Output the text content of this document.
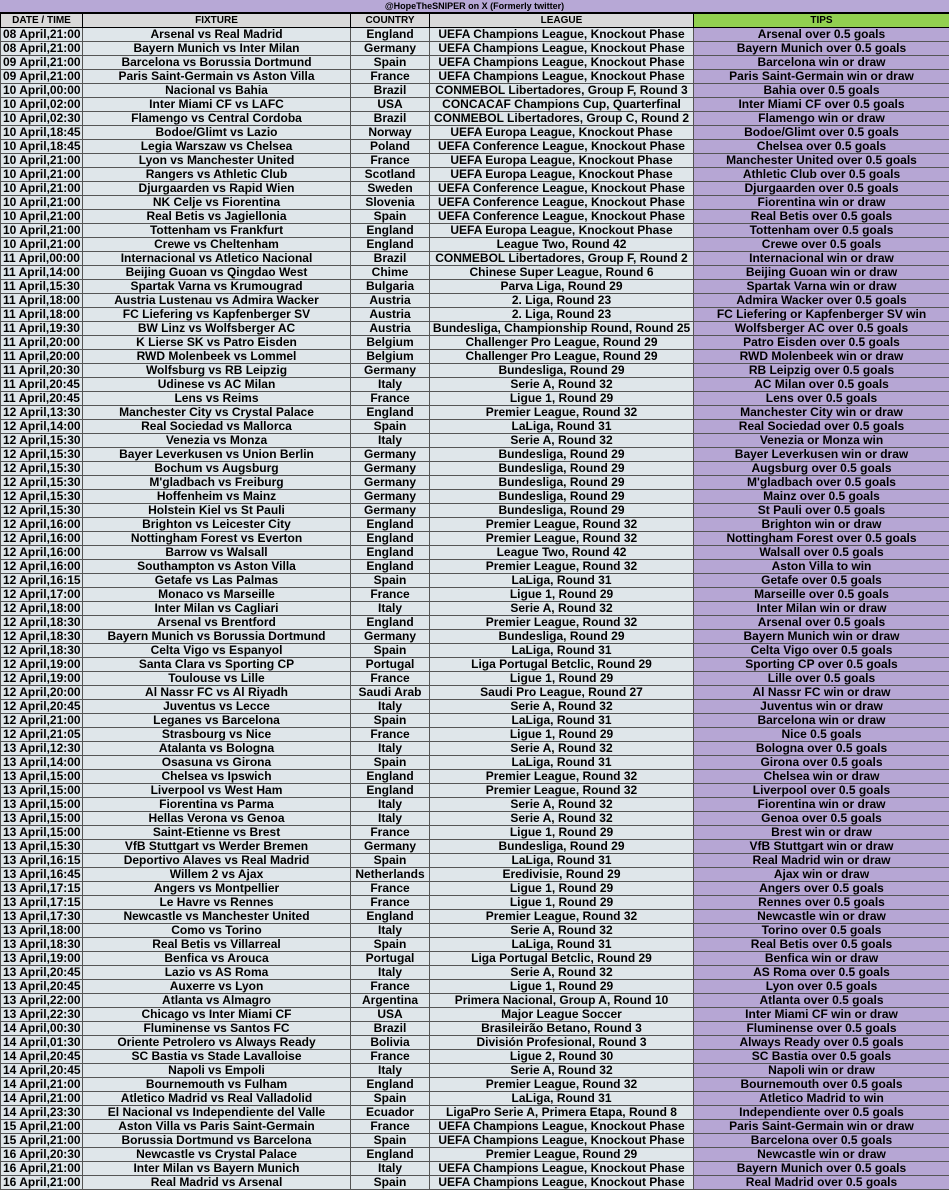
@HopeTheSNIPER on X (Formerly twitter)
DATE / TIME	FIXTURE	COUNTRY	LEAGUE	TIPS
08 April,21:00	Arsenal vs Real Madrid	England	UEFA Champions League, Knockout Phase	Arsenal over 0.5 goals
08 April,21:00	Bayern Munich vs Inter Milan	Germany	UEFA Champions League, Knockout Phase	Bayern Munich over 0.5 goals
09 April,21:00	Barcelona vs Borussia Dortmund	Spain	UEFA Champions League, Knockout Phase	Barcelona win or draw
09 April,21:00	Paris Saint-Germain vs Aston Villa	France	UEFA Champions League, Knockout Phase	Paris Saint-Germain win or draw
10 April,00:00	Nacional vs Bahia	Brazil	CONMEBOL Libertadores, Group F, Round 3	Bahia over 0.5 goals
10 April,02:00	Inter Miami CF vs LAFC	USA	CONCACAF Champions Cup, Quarterfinal	Inter Miami CF over 0.5 goals
10 April,02:30	Flamengo vs Central Cordoba	Brazil	CONMEBOL Libertadores, Group C, Round 2	Flamengo win or draw
10 April,18:45	Bodoe/Glimt vs Lazio	Norway	UEFA Europa League, Knockout Phase	Bodoe/Glimt over 0.5 goals
10 April,18:45	Legia Warszaw vs Chelsea	Poland	UEFA Conference League, Knockout Phase	Chelsea over 0.5 goals
10 April,21:00	Lyon vs Manchester United	France	UEFA Europa League, Knockout Phase	Manchester United over 0.5 goals
10 April,21:00	Rangers vs Athletic Club	Scotland	UEFA Europa League, Knockout Phase	Athletic Club over 0.5 goals
10 April,21:00	Djurgaarden vs Rapid Wien	Sweden	UEFA Conference League, Knockout Phase	Djurgaarden over 0.5 goals
10 April,21:00	NK Celje vs Fiorentina	Slovenia	UEFA Conference League, Knockout Phase	Fiorentina win or draw
10 April,21:00	Real Betis vs Jagiellonia	Spain	UEFA Conference League, Knockout Phase	Real Betis over 0.5 goals
10 April,21:00	Tottenham vs Frankfurt	England	UEFA Europa League, Knockout Phase	Tottenham over 0.5 goals
10 April,21:00	Crewe vs Cheltenham	England	League Two, Round 42	Crewe over 0.5 goals
11 April,00:00	Internacional vs Atletico Nacional	Brazil	CONMEBOL Libertadores, Group F, Round 2	Internacional win or draw
11 April,14:00	Beijing Guoan vs Qingdao West	Chime	Chinese Super League, Round 6	Beijing Guoan win or draw
11 April,15:30	Spartak Varna vs Krumougrad	Bulgaria	Parva Liga, Round 29	Spartak Varna win or draw
11 April,18:00	Austria Lustenau vs Admira Wacker	Austria	2. Liga, Round 23	Admira Wacker over 0.5 goals
11 April,18:00	FC Liefering vs Kapfenberger SV	Austria	2. Liga, Round 23	FC Liefering or Kapfenberger SV win
11 April,19:30	BW Linz vs Wolfsberger AC	Austria	Bundesliga, Championship Round, Round 25	Wolfsberger AC over 0.5 goals
11 April,20:00	K Lierse SK vs Patro Eisden	Belgium	Challenger Pro League, Round 29	Patro Eisden over 0.5 goals
11 April,20:00	RWD Molenbeek vs Lommel	Belgium	Challenger Pro League, Round 29	RWD Molenbeek win or draw
11 April,20:30	Wolfsburg vs RB Leipzig	Germany	Bundesliga, Round 29	RB Leipzig over 0.5 goals
11 April,20:45	Udinese vs AC Milan	Italy	Serie A, Round 32	AC Milan over 0.5 goals
11 April,20:45	Lens vs Reims	France	Ligue 1, Round 29	Lens over 0.5 goals
12 April,13:30	Manchester City vs Crystal Palace	England	Premier League, Round 32	Manchester City win or draw
12 April,14:00	Real Sociedad vs Mallorca	Spain	LaLiga, Round 31	Real Sociedad over 0.5 goals
12 April,15:30	Venezia vs Monza	Italy	Serie A, Round 32	Venezia or Monza win
12 April,15:30	Bayer Leverkusen vs Union Berlin	Germany	Bundesliga, Round 29	Bayer Leverkusen win or draw
12 April,15:30	Bochum vs Augsburg	Germany	Bundesliga, Round 29	Augsburg over 0.5 goals
12 April,15:30	M'gladbach vs Freiburg	Germany	Bundesliga, Round 29	M'gladbach over 0.5 goals
12 April,15:30	Hoffenheim vs Mainz	Germany	Bundesliga, Round 29	Mainz over 0.5 goals
12 April,15:30	Holstein Kiel vs St Pauli	Germany	Bundesliga, Round 29	St Pauli over 0.5 goals
12 April,16:00	Brighton vs Leicester City	England	Premier League, Round 32	Brighton win or draw
12 April,16:00	Nottingham Forest vs Everton	England	Premier League, Round 32	Nottingham Forest over 0.5 goals
12 April,16:00	Barrow vs Walsall	England	League Two, Round 42	Walsall over 0.5 goals
12 April,16:00	Southampton vs Aston Villa	England	Premier League, Round 32	Aston Villa to win
12 April,16:15	Getafe vs Las Palmas	Spain	LaLiga, Round 31	Getafe over 0.5 goals
12 April,17:00	Monaco vs Marseille	France	Ligue 1, Round 29	Marseille over 0.5 goals
12 April,18:00	Inter Milan vs Cagliari	Italy	Serie A, Round 32	Inter Milan win or draw
12 April,18:30	Arsenal vs Brentford	England	Premier League, Round 32	Arsenal over 0.5 goals
12 April,18:30	Bayern Munich vs Borussia Dortmund	Germany	Bundesliga, Round 29	Bayern Munich win or draw
12 April,18:30	Celta Vigo vs Espanyol	Spain	LaLiga, Round 31	Celta Vigo over 0.5 goals
12 April,19:00	Santa Clara vs Sporting CP	Portugal	Liga Portugal Betclic, Round 29	Sporting CP over 0.5 goals
12 April,19:00	Toulouse vs Lille	France	Ligue 1, Round 29	Lille over 0.5 goals
12 April,20:00	Al Nassr FC vs Al Riyadh	Saudi Arab	Saudi Pro League, Round 27	Al Nassr FC win or draw
12 April,20:45	Juventus vs Lecce	Italy	Serie A, Round 32	Juventus win or draw
12 April,21:00	Leganes vs Barcelona	Spain	LaLiga, Round 31	Barcelona win or draw
12 April,21:05	Strasbourg vs Nice	France	Ligue 1, Round 29	Nice 0.5 goals
13 April,12:30	Atalanta vs Bologna	Italy	Serie A, Round 32	Bologna over 0.5 goals
13 April,14:00	Osasuna vs Girona	Spain	LaLiga, Round 31	Girona over 0.5 goals
13 April,15:00	Chelsea vs Ipswich	England	Premier League, Round 32	Chelsea win or draw
13 April,15:00	Liverpool vs West Ham	England	Premier League, Round 32	Liverpool over 0.5 goals
13 April,15:00	Fiorentina vs Parma	Italy	Serie A, Round 32	Fiorentina win or draw
13 April,15:00	Hellas Verona vs Genoa	Italy	Serie A, Round 32	Genoa over 0.5 goals
13 April,15:00	Saint-Etienne vs Brest	France	Ligue 1, Round 29	Brest win or draw
13 April,15:30	VfB Stuttgart vs Werder Bremen	Germany	Bundesliga, Round 29	VfB Stuttgart win or draw
13 April,16:15	Deportivo Alaves vs Real Madrid	Spain	LaLiga, Round 31	Real Madrid win or draw
13 April,16:45	Willem 2 vs Ajax	Netherlands	Eredivisie, Round 29	Ajax win or draw
13 April,17:15	Angers vs Montpellier	France	Ligue 1, Round 29	Angers over 0.5 goals
13 April,17:15	Le Havre vs Rennes	France	Ligue 1, Round 29	Rennes over 0.5 goals
13 April,17:30	Newcastle vs Manchester United	England	Premier League, Round 32	Newcastle win or draw
13 April,18:00	Como vs Torino	Italy	Serie A, Round 32	Torino over 0.5 goals
13 April,18:30	Real Betis vs Villarreal	Spain	LaLiga, Round 31	Real Betis over 0.5 goals
13 April,19:00	Benfica vs Arouca	Portugal	Liga Portugal Betclic, Round 29	Benfica win or draw
13 April,20:45	Lazio vs AS Roma	Italy	Serie A, Round 32	AS Roma over 0.5 goals
13 April,20:45	Auxerre vs Lyon	France	Ligue 1, Round 29	Lyon over 0.5 goals
13 April,22:00	Atlanta vs Almagro	Argentina	Primera Nacional, Group A, Round 10	Atlanta over 0.5 goals
13 April,22:30	Chicago vs Inter Miami CF	USA	Major League Soccer	Inter Miami CF win or draw
14 April,00:30	Fluminense vs Santos FC	Brazil	Brasileirão Betano, Round 3	Fluminense over 0.5 goals
14 April,01:30	Oriente Petrolero vs Always Ready	Bolivia	División Profesional, Round 3	Always Ready over 0.5 goals
14 April,20:45	SC Bastia vs Stade Lavalloise	France	Ligue 2, Round 30	SC Bastia over 0.5 goals
14 April,20:45	Napoli vs Empoli	Italy	Serie A, Round 32	Napoli win or draw
14 April,21:00	Bournemouth vs Fulham	England	Premier League, Round 32	Bournemouth over 0.5 goals
14 April,21:00	Atletico Madrid vs Real Valladolid	Spain	LaLiga, Round 31	Atletico Madrid to win
14 April,23:30	El Nacional vs Independiente del Valle	Ecuador	LigaPro Serie A, Primera Etapa, Round 8	Independiente over 0.5 goals
15 April,21:00	Aston Villa vs Paris Saint-Germain	France	UEFA Champions League, Knockout Phase	Paris Saint-Germain win or draw
15 April,21:00	Borussia Dortmund vs Barcelona	Spain	UEFA Champions League, Knockout Phase	Barcelona over 0.5 goals
16 April,20:30	Newcastle vs Crystal Palace	England	Premier League, Round 29	Newcastle win or draw
16 April,21:00	Inter Milan vs Bayern Munich	Italy	UEFA Champions League, Knockout Phase	Bayern Munich over 0.5 goals
16 April,21:00	Real Madrid vs Arsenal	Spain	UEFA Champions League, Knockout Phase	Real Madrid over 0.5 goals
